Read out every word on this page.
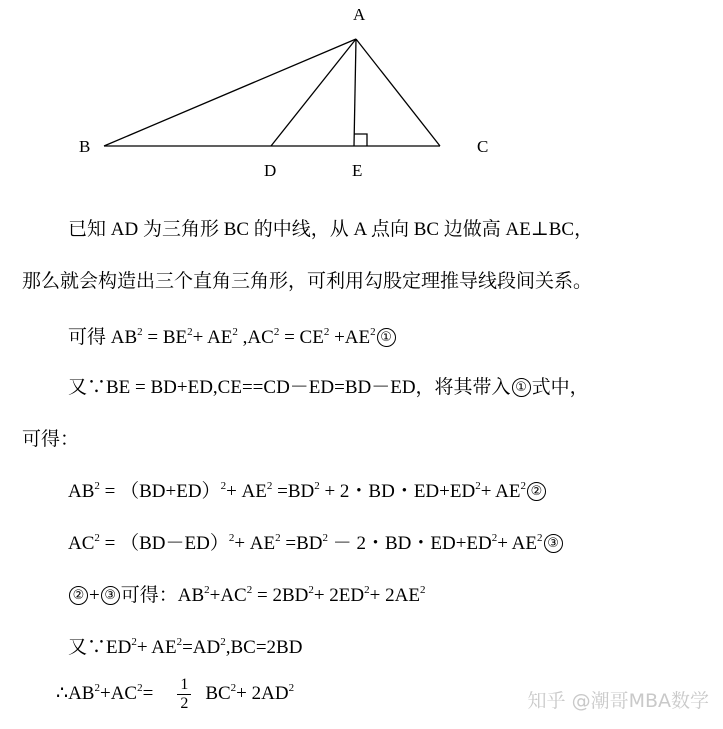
A
B	C
D	E
已知 AD 为三角形 BC 的中线，从 A 点向 BC 边做高 AE⊥BC，
那么就会构造出三个直角三角形，可利用勾股定理推导线段间关系。
可得 $AB^2 = BE^2+ AE^2$ $,AC^2 = CE^2 +AE^2$ ①
又∵BE = BD+ED,CE==CD－ED=BD－ED，将其带入 ① 式中，
可得：
$AB^2 = (BD+ED)^2+ AE^2 =BD^2 + 2$・BD・$ED+ED^2+ AE^2$ ②
$AC^2 = (BD-ED)^2+ AE^2 =BD^2 - 2$・BD・$ED+ED^2+ AE^2$ ③
② + ③ 可得：$AB^2+AC^2 = 2BD^2+ 2ED^2+ 2AE^2$
又$\because ED^2+ AE^2=AD^2,BC=2BD$
$\therefore AB^2+AC^2= \frac{1}{2} BC^2+ 2AD^2$
知乎 @潮哥MBA数学
